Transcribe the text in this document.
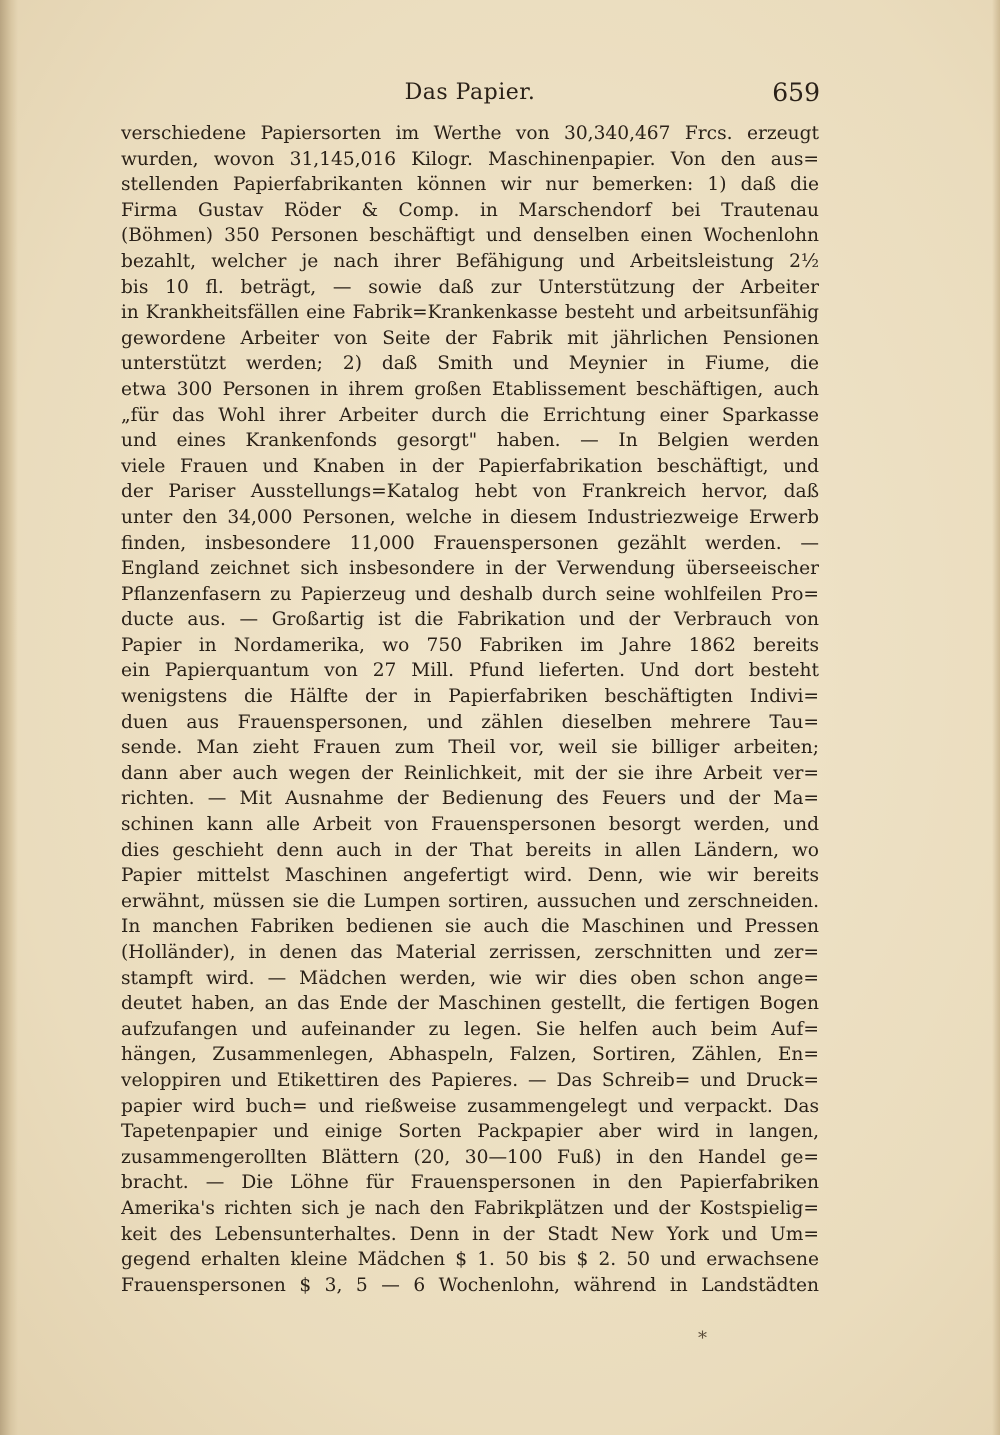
Das Papier.	659
verschiedene Papiersorten im Werthe von 30,340,467 Frcs. erzeugt
wurden, wovon 31,145,016 Kilogr. Maschinenpapier. Von den aus=
stellenden Papierfabrikanten können wir nur bemerken: 1) daß die
Firma Gustav Röder & Comp. in Marschendorf bei Trautenau
(Böhmen) 350 Personen beschäftigt und denselben einen Wochenlohn
bezahlt, welcher je nach ihrer Befähigung und Arbeitsleistung 2½
bis 10 fl. beträgt, — sowie daß zur Unterstützung der Arbeiter
in Krankheitsfällen eine Fabrik=Krankenkasse besteht und arbeitsunfähig
gewordene Arbeiter von Seite der Fabrik mit jährlichen Pensionen
unterstützt werden; 2) daß Smith und Meynier in Fiume, die
etwa 300 Personen in ihrem großen Etablissement beschäftigen, auch
„für das Wohl ihrer Arbeiter durch die Errichtung einer Sparkasse
und eines Krankenfonds gesorgt" haben. — In Belgien werden
viele Frauen und Knaben in der Papierfabrikation beschäftigt, und
der Pariser Ausstellungs=Katalog hebt von Frankreich hervor, daß
unter den 34,000 Personen, welche in diesem Industriezweige Erwerb
finden, insbesondere 11,000 Frauenspersonen gezählt werden. —
England zeichnet sich insbesondere in der Verwendung überseeischer
Pflanzenfasern zu Papierzeug und deshalb durch seine wohlfeilen Pro=
ducte aus. — Großartig ist die Fabrikation und der Verbrauch von
Papier in Nordamerika, wo 750 Fabriken im Jahre 1862 bereits
ein Papierquantum von 27 Mill. Pfund lieferten. Und dort besteht
wenigstens die Hälfte der in Papierfabriken beschäftigten Indivi=
duen aus Frauenspersonen, und zählen dieselben mehrere Tau=
sende. Man zieht Frauen zum Theil vor, weil sie billiger arbeiten;
dann aber auch wegen der Reinlichkeit, mit der sie ihre Arbeit ver=
richten. — Mit Ausnahme der Bedienung des Feuers und der Ma=
schinen kann alle Arbeit von Frauenspersonen besorgt werden, und
dies geschieht denn auch in der That bereits in allen Ländern, wo
Papier mittelst Maschinen angefertigt wird. Denn, wie wir bereits
erwähnt, müssen sie die Lumpen sortiren, aussuchen und zerschneiden.
In manchen Fabriken bedienen sie auch die Maschinen und Pressen
(Holländer), in denen das Material zerrissen, zerschnitten und zer=
stampft wird. — Mädchen werden, wie wir dies oben schon ange=
deutet haben, an das Ende der Maschinen gestellt, die fertigen Bogen
aufzufangen und aufeinander zu legen. Sie helfen auch beim Auf=
hängen, Zusammenlegen, Abhaspeln, Falzen, Sortiren, Zählen, En=
veloppiren und Etikettiren des Papieres. — Das Schreib= und Druck=
papier wird buch= und rießweise zusammengelegt und verpackt. Das
Tapetenpapier und einige Sorten Packpapier aber wird in langen,
zusammengerollten Blättern (20, 30—100 Fuß) in den Handel ge=
bracht. — Die Löhne für Frauenspersonen in den Papierfabriken
Amerika's richten sich je nach den Fabrikplätzen und der Kostspielig=
keit des Lebensunterhaltes. Denn in der Stadt New York und Um=
gegend erhalten kleine Mädchen $ 1. 50 bis $ 2. 50 und erwachsene
Frauenspersonen $ 3, 5 — 6 Wochenlohn, während in Landstädten
*
